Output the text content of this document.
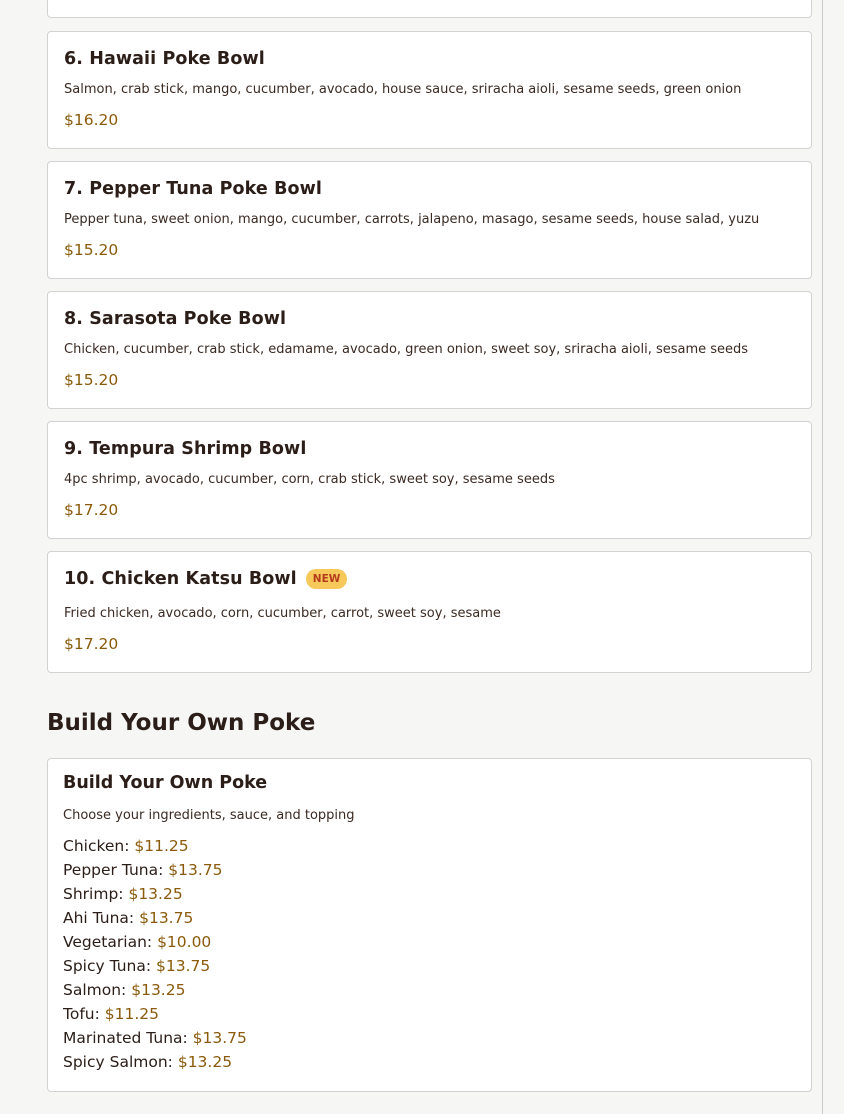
6. Hawaii Poke Bowl
Salmon, crab stick, mango, cucumber, avocado, house sauce, sriracha aioli, sesame seeds, green onion
$16.20
7. Pepper Tuna Poke Bowl
Pepper tuna, sweet onion, mango, cucumber, carrots, jalapeno, masago, sesame seeds, house salad, yuzu
$15.20
8. Sarasota Poke Bowl
Chicken, cucumber, crab stick, edamame, avocado, green onion, sweet soy, sriracha aioli, sesame seeds
$15.20
9. Tempura Shrimp Bowl
4pc shrimp, avocado, cucumber, corn, crab stick, sweet soy, sesame seeds
$17.20
10. Chicken Katsu Bowl	NEW
Fried chicken, avocado, corn, cucumber, carrot, sweet soy, sesame
$17.20
Build Your Own Poke
Build Your Own Poke
Choose your ingredients, sauce, and topping
Chicken: $11.25
Pepper Tuna: $13.75
Shrimp: $13.25
Ahi Tuna: $13.75
Vegetarian: $10.00
Spicy Tuna: $13.75
Salmon: $13.25
Tofu: $11.25
Marinated Tuna: $13.75
Spicy Salmon: $13.25
